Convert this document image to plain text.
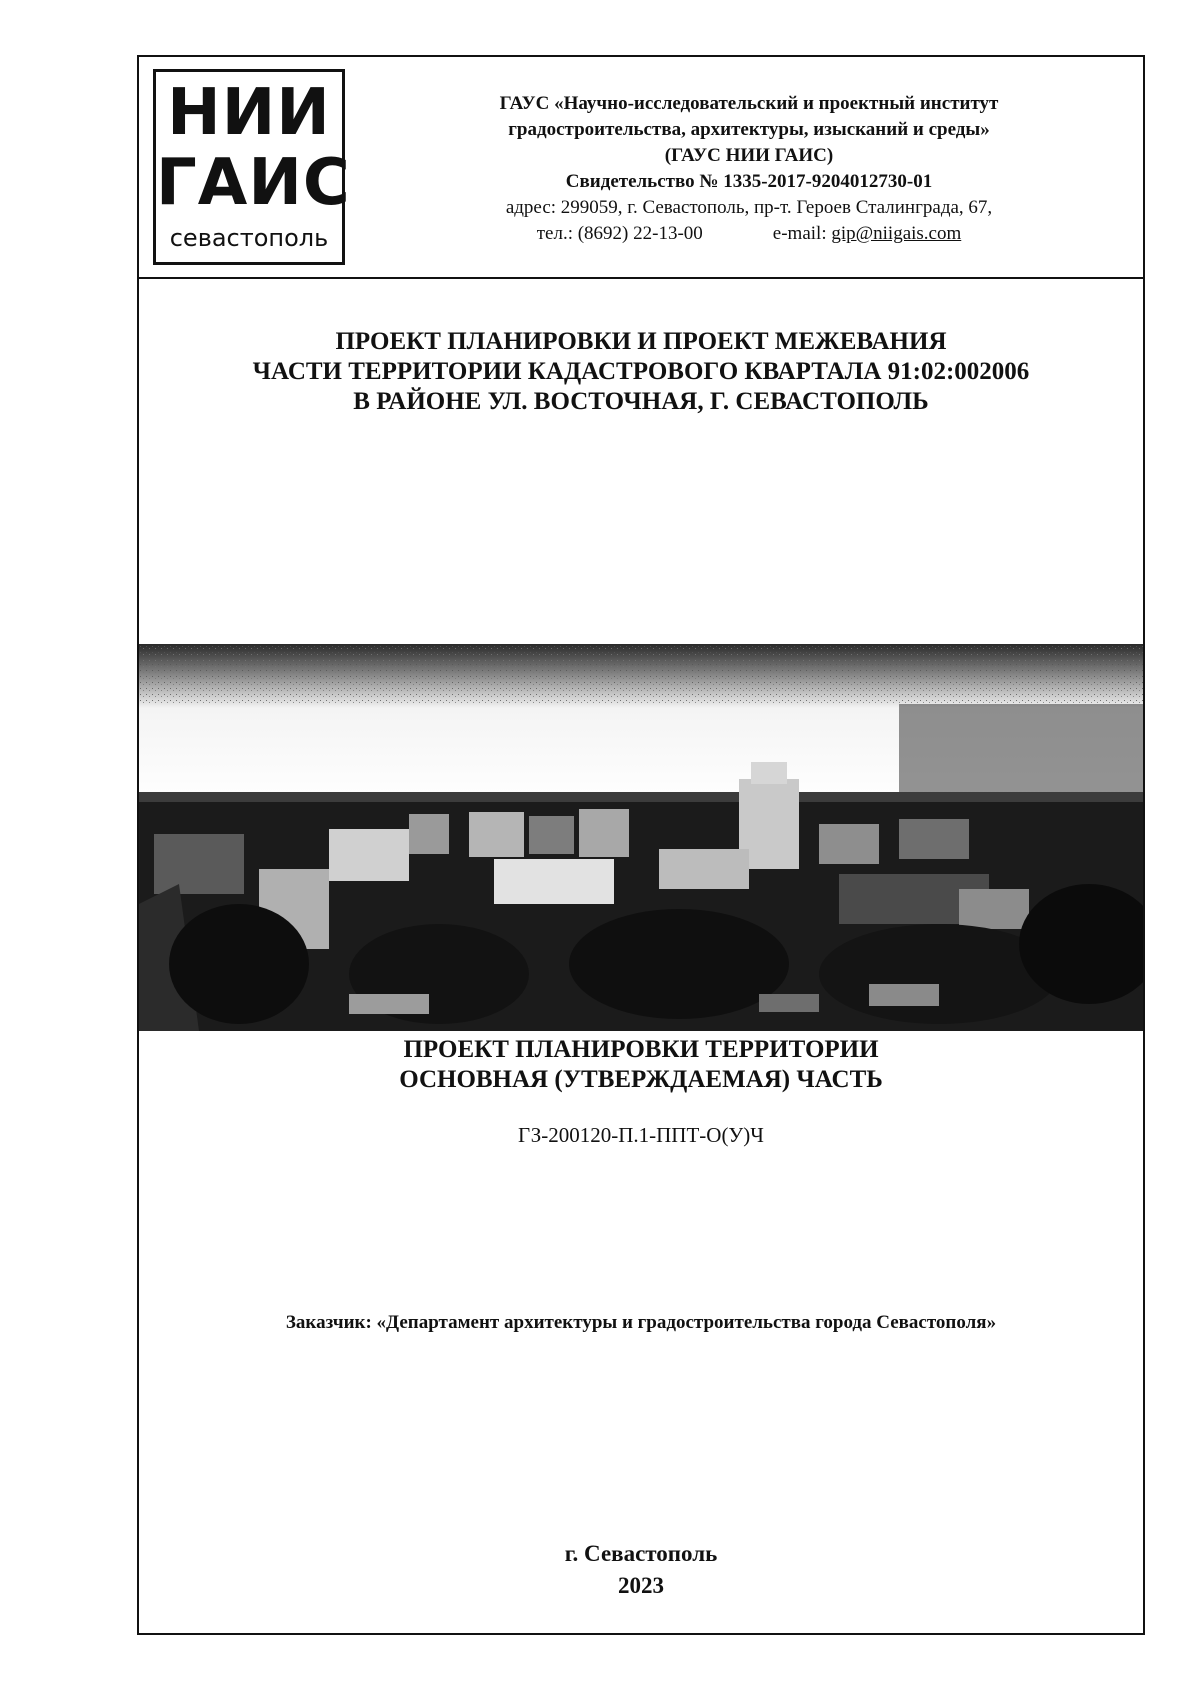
НИИ
ГАИС
севастополь
ГАУС «Научно-исследовательский и проектный институт
градостроительства, архитектуры, изысканий и среды»
(ГАУС НИИ ГАИС)
Свидетельство № 1335-2017-9204012730-01
адрес: 299059, г. Севастополь, пр-т. Героев Сталинграда, 67,
тел.: (8692) 22-13-00	e-mail: gip@niigais.com
ПРОЕКТ ПЛАНИРОВКИ И ПРОЕКТ МЕЖЕВАНИЯ
ЧАСТИ ТЕРРИТОРИИ КАДАСТРОВОГО КВАРТАЛА 91:02:002006
В РАЙОНЕ УЛ. ВОСТОЧНАЯ, Г. СЕВАСТОПОЛЬ
ПРОЕКТ ПЛАНИРОВКИ ТЕРРИТОРИИ
ОСНОВНАЯ (УТВЕРЖДАЕМАЯ) ЧАСТЬ
ГЗ-200120-П.1-ППТ-О(У)Ч
Заказчик: «Департамент архитектуры и градостроительства города Севастополя»
г. Севастополь
2023
